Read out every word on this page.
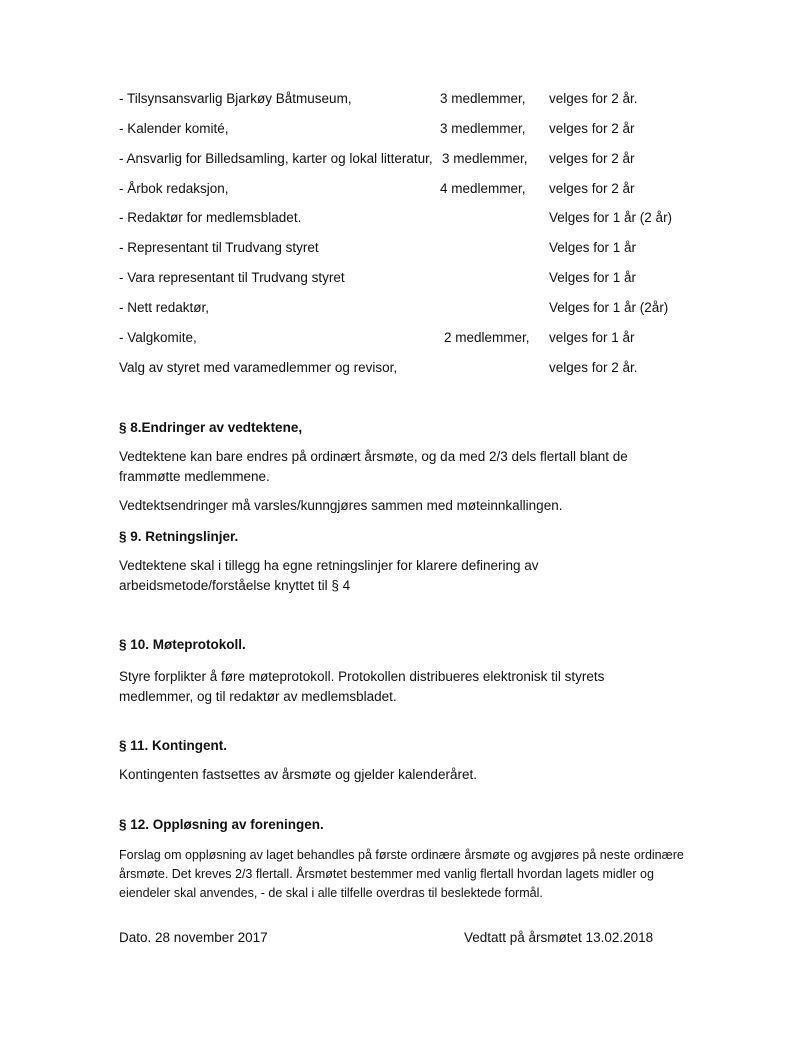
- Tilsynsansvarlig Bjarkøy Båtmuseum,	3 medlemmer, velges for 2 år.
- Kalender komité,	3 medlemmer, velges for 2 år
- Ansvarlig for Billedsamling, karter og lokal litteratur, 3 medlemmer, velges for 2 år
- Årbok redaksjon,	4 medlemmer, velges for 2 år
- Redaktør for medlemsbladet.	Velges for 1 år (2 år)
- Representant til Trudvang styret	Velges for 1 år
- Vara representant til Trudvang styret	Velges for 1 år
- Nett redaktør,	Velges for 1 år (2år)
- Valgkomite,	2 medlemmer, velges for 1 år
Valg av styret med varamedlemmer og revisor,	velges for 2 år.
§ 8.Endringer av vedtektene,
Vedtektene kan bare endres på ordinært årsmøte, og da med 2/3 dels flertall blant de
frammøtte medlemmene.
Vedtektsendringer må varsles/kunngjøres sammen med møteinnkallingen.
§ 9. Retningslinjer.
Vedtektene skal i tillegg ha egne retningslinjer for klarere definering av
arbeidsmetode/forståelse knyttet til § 4
§ 10. Møteprotokoll.
Styre forplikter å føre møteprotokoll. Protokollen distribueres elektronisk til styrets
medlemmer, og til redaktør av medlemsbladet.
§ 11. Kontingent.
Kontingenten fastsettes av årsmøte og gjelder kalenderåret.
§ 12. Oppløsning av foreningen.
Forslag om oppløsning av laget behandles på første ordinære årsmøte og avgjøres på neste ordinære
årsmøte. Det kreves 2/3 flertall. Årsmøtet bestemmer med vanlig flertall hvordan lagets midler og
eiendeler skal anvendes, - de skal i alle tilfelle overdras til beslektede formål.
Dato. 28 november 2017	Vedtatt på årsmøtet 13.02.2018
